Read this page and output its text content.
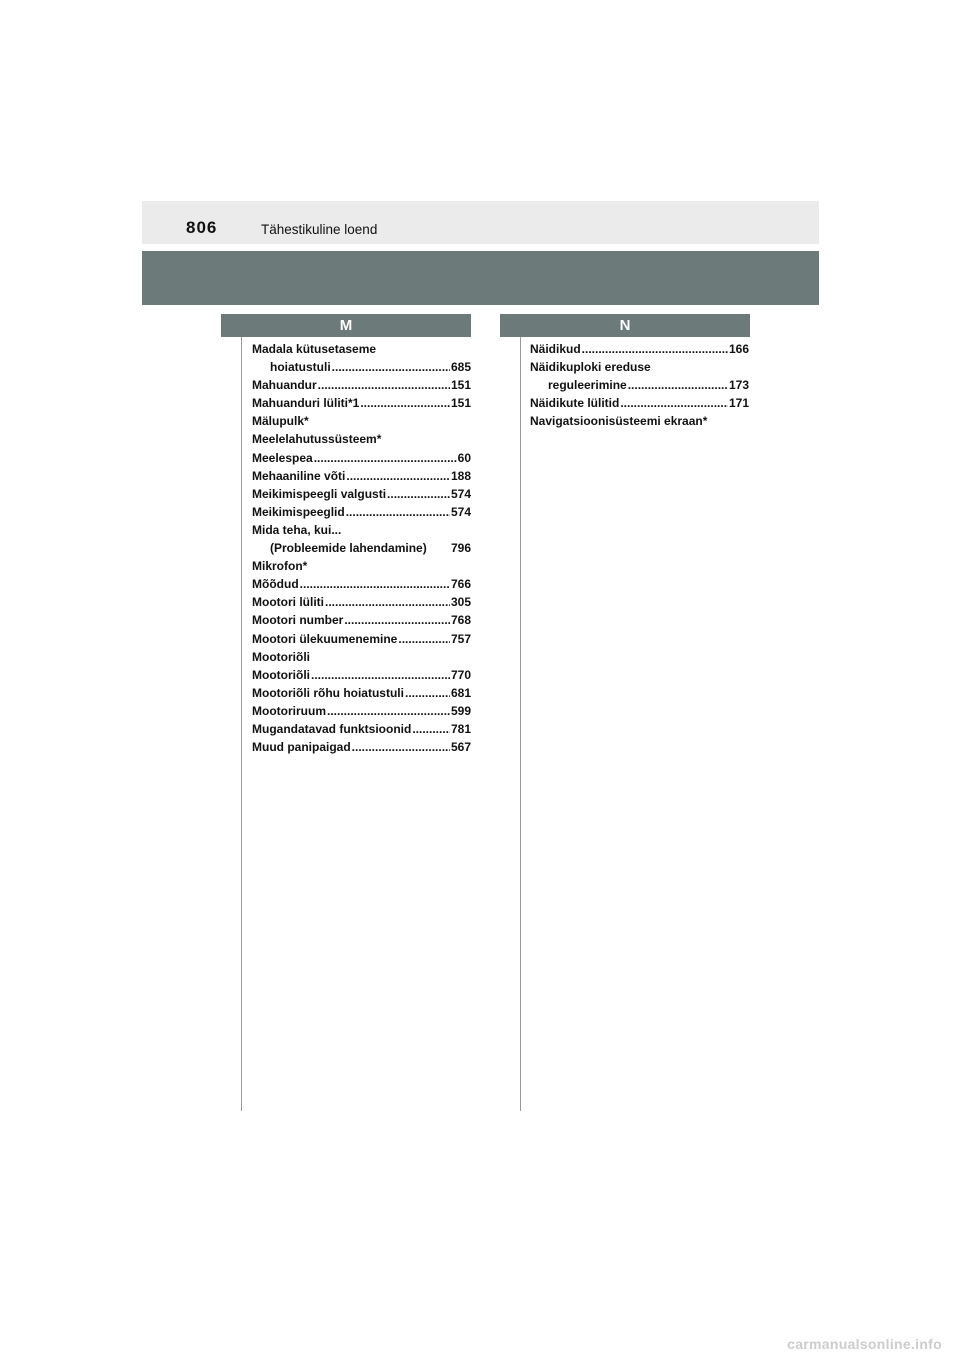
806	Tähestikuline loend
M	N
Madala kütusetaseme
hoiatustuli .....	685
Mahuandur .....	151
Mahuanduri lüliti*1 .....	151
Mälupulk*
Meelelahutussüsteem*
Meelespea .....	60
Mehaaniline võti .....	188
Meikimispeegli valgusti .....	574
Meikimispeeglid .....	574
Mida teha, kui...
(Probleemide lahendamine) 796
Mikrofon*
Mõõdud .....	766
Mootori lüliti .....	305
Mootori number .....	768
Mootori ülekuumenemine .....	757
Mootoriõli
Mootoriõli .....	770
Mootoriõli rõhu hoiatustuli .....	681
Mootoriruum .....	599
Mugandatavad funktsioonid .....	781
Muud panipaigad .....	567
Näidikud .....	166
Näidikuploki ereduse
reguleerimine .....	173
Näidikute lülitid .....	171
Navigatsioonisüsteemi ekraan*
carmanualsonline.info
